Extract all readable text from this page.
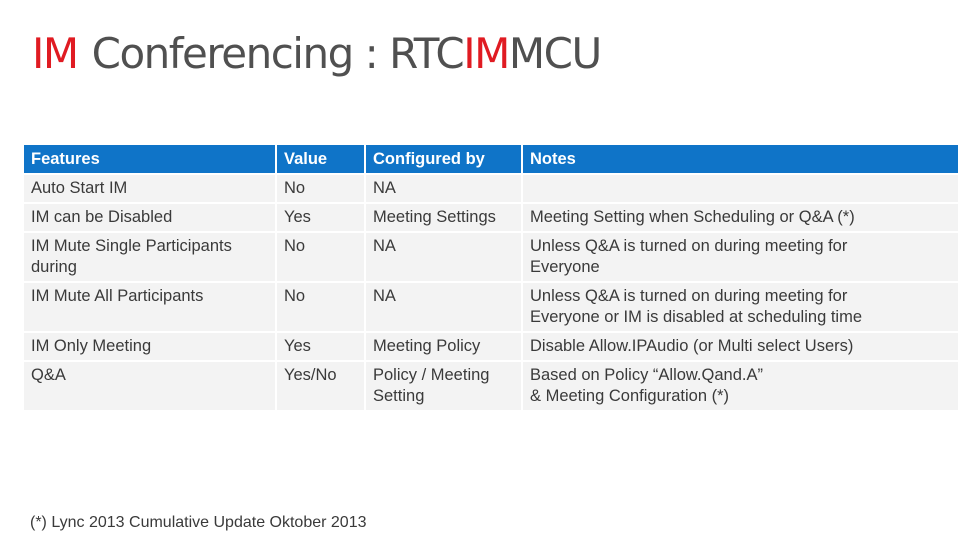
IM Conferencing : RTC IM MCU
Features	Value	Configured by	Notes
Auto Start IM	No	NA	

IM can be Disabled	Yes	Meeting Settings	Meeting Setting when Scheduling or Q&A (*)

IM Mute Single Participants during	No	NA	Unless Q&A is turned on during meeting for
Everyone

IM Mute All Participants	No	NA	Unless Q&A is turned on during meeting for
Everyone or IM is disabled at scheduling time

IM Only Meeting	Yes	Meeting Policy	Disable Allow.IPAudio (or Multi select Users)

Q&A	Yes/No	Policy / Meeting Setting	Based on Policy “Allow.Qand.A”
& Meeting Configuration (*)
(*) Lync 2013 Cumulative Update Oktober 2013
